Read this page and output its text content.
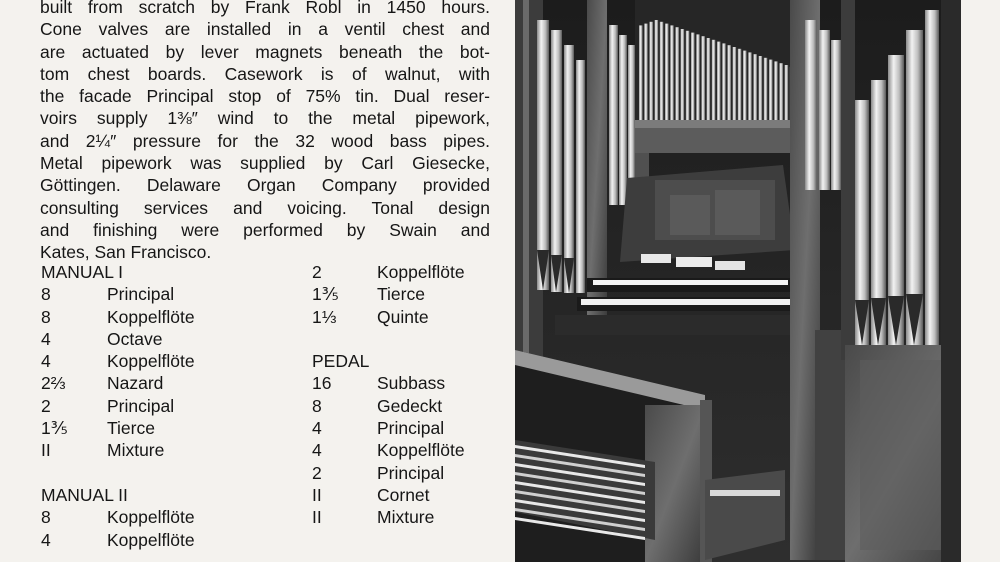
built from scratch by Frank Robl in 1450 hours.
Cone valves are installed in a ventil chest and
are actuated by lever magnets beneath the bot-
tom chest boards. Casework is of walnut, with
the facade Principal stop of 75% tin. Dual reser-
voirs supply 1⅜″ wind to the metal pipework,
and 2¼″ pressure for the 32 wood bass pipes.
Metal pipework was supplied by Carl Giesecke,
Göttingen. Delaware Organ Company provided
consulting services and voicing. Tonal design
and finishing were performed by Swain and
Kates, San Francisco.
MANUAL I
8	Principal
8	Koppelflöte
4	Octave
4	Koppelflöte
2⅔ Nazard
2	Principal
1⅗ Tierce
II	Mixture
MANUAL II
8	Koppelflöte
4	Koppelflöte
2	Koppelflöte
1⅗ Tierce
1⅓ Quinte
PEDAL
16	Subbass
8	Gedeckt
4	Principal
4	Koppelflöte
2	Principal
II	Cornet
II	Mixture
